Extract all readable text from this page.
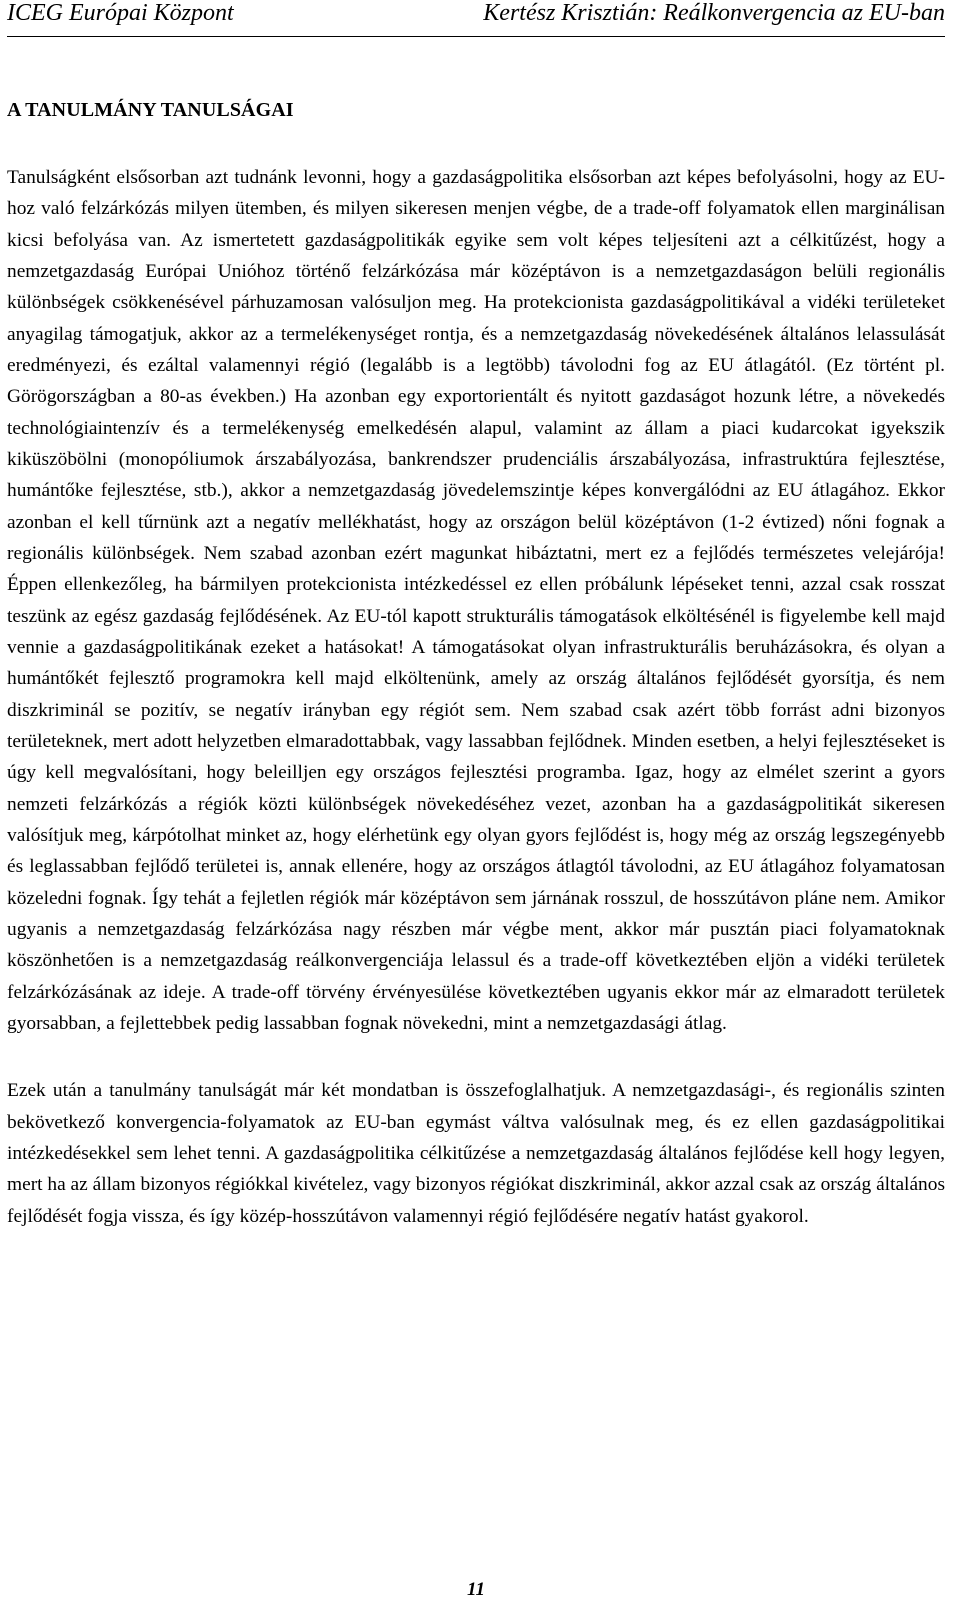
ICEG Európai Központ	Kertész Krisztián: Reálkonvergencia az EU-ban
A TANULMÁNY TANULSÁGAI

Tanulságként elsősorban azt tudnánk levonni, hogy a gazdaságpolitika elsősorban azt képes befolyásolni, hogy az EU-hoz való felzárkózás milyen ütemben, és milyen sikeresen menjen végbe, de a trade-off folyamatok ellen marginálisan kicsi befolyása van. Az ismertetett gazdaságpolitikák egyike sem volt képes teljesíteni azt a célkitűzést, hogy a nemzetgazdaság Európai Unióhoz történő felzárkózása már középtávon is a nemzetgazdaságon belüli regionális különbségek csökkenésével párhuzamosan valósuljon meg. Ha protekcionista gazdaságpolitikával a vidéki területeket anyagilag támogatjuk, akkor az a termelékenységet rontja, és a nemzetgazdaság növekedésének általános lelassulását eredményezi, és ezáltal valamennyi régió (legalább is a legtöbb) távolodni fog az EU átlagától. (Ez történt pl. Görögországban a 80-as években.) Ha azonban egy exportorientált és nyitott gazdaságot hozunk létre, a növekedés technológiaintenzív és a termelékenység emelkedésén alapul, valamint az állam a piaci kudarcokat igyekszik kiküszöbölni (monopóliumok árszabályozása, bankrendszer prudenciális árszabályozása, infrastruktúra fejlesztése, humántőke fejlesztése, stb.), akkor a nemzetgazdaság jövedelemszintje képes konvergálódni az EU átlagához. Ekkor azonban el kell tűrnünk azt a negatív mellékhatást, hogy az országon belül középtávon (1-2 évtized) nőni fognak a regionális különbségek. Nem szabad azonban ezért magunkat hibáztatni, mert ez a fejlődés természetes velejárója! Éppen ellenkezőleg, ha bármilyen protekcionista intézkedéssel ez ellen próbálunk lépéseket tenni, azzal csak rosszat teszünk az egész gazdaság fejlődésének. Az EU-tól kapott strukturális támogatások elköltésénél is figyelembe kell majd vennie a gazdaságpolitikának ezeket a hatásokat! A támogatásokat olyan infrastrukturális beruházásokra, és olyan a humántőkét fejlesztő programokra kell majd elköltenünk, amely az ország általános fejlődését gyorsítja, és nem diszkriminál se pozitív, se negatív irányban egy régiót sem. Nem szabad csak azért több forrást adni bizonyos területeknek, mert adott helyzetben elmaradottabbak, vagy lassabban fejlődnek. Minden esetben, a helyi fejlesztéseket is úgy kell megvalósítani, hogy beleilljen egy országos fejlesztési programba. Igaz, hogy az elmélet szerint a gyors nemzeti felzárkózás a régiók közti különbségek növekedéséhez vezet, azonban ha a gazdaságpolitikát sikeresen valósítjuk meg, kárpótolhat minket az, hogy elérhetünk egy olyan gyors fejlődést is, hogy még az ország legszegényebb és leglassabban fejlődő területei is, annak ellenére, hogy az országos átlagtól távolodni, az EU átlagához folyamatosan közeledni fognak. Így tehát a fejletlen régiók már középtávon sem járnának rosszul, de hosszútávon pláne nem. Amikor ugyanis a nemzetgazdaság felzárkózása nagy részben már végbe ment, akkor már pusztán piaci folyamatoknak köszönhetően is a nemzetgazdaság reálkonvergenciája lelassul és a trade-off következtében eljön a vidéki területek felzárkózásának az ideje. A trade-off törvény érvényesülése következtében ugyanis ekkor már az elmaradott területek gyorsabban, a fejlettebbek pedig lassabban fognak növekedni, mint a nemzetgazdasági átlag.

Ezek után a tanulmány tanulságát már két mondatban is összefoglalhatjuk. A nemzetgazdasági-, és regionális szinten bekövetkező konvergencia-folyamatok az EU-ban egymást váltva valósulnak meg, és ez ellen gazdaságpolitikai intézkedésekkel sem lehet tenni. A gazdaságpolitika célkitűzése a nemzetgazdaság általános fejlődése kell hogy legyen, mert ha az állam bizonyos régiókkal kivételez, vagy bizonyos régiókat diszkriminál, akkor azzal csak az ország általános fejlődését fogja vissza, és így közép-hosszútávon valamennyi régió fejlődésére negatív hatást gyakorol.

11
